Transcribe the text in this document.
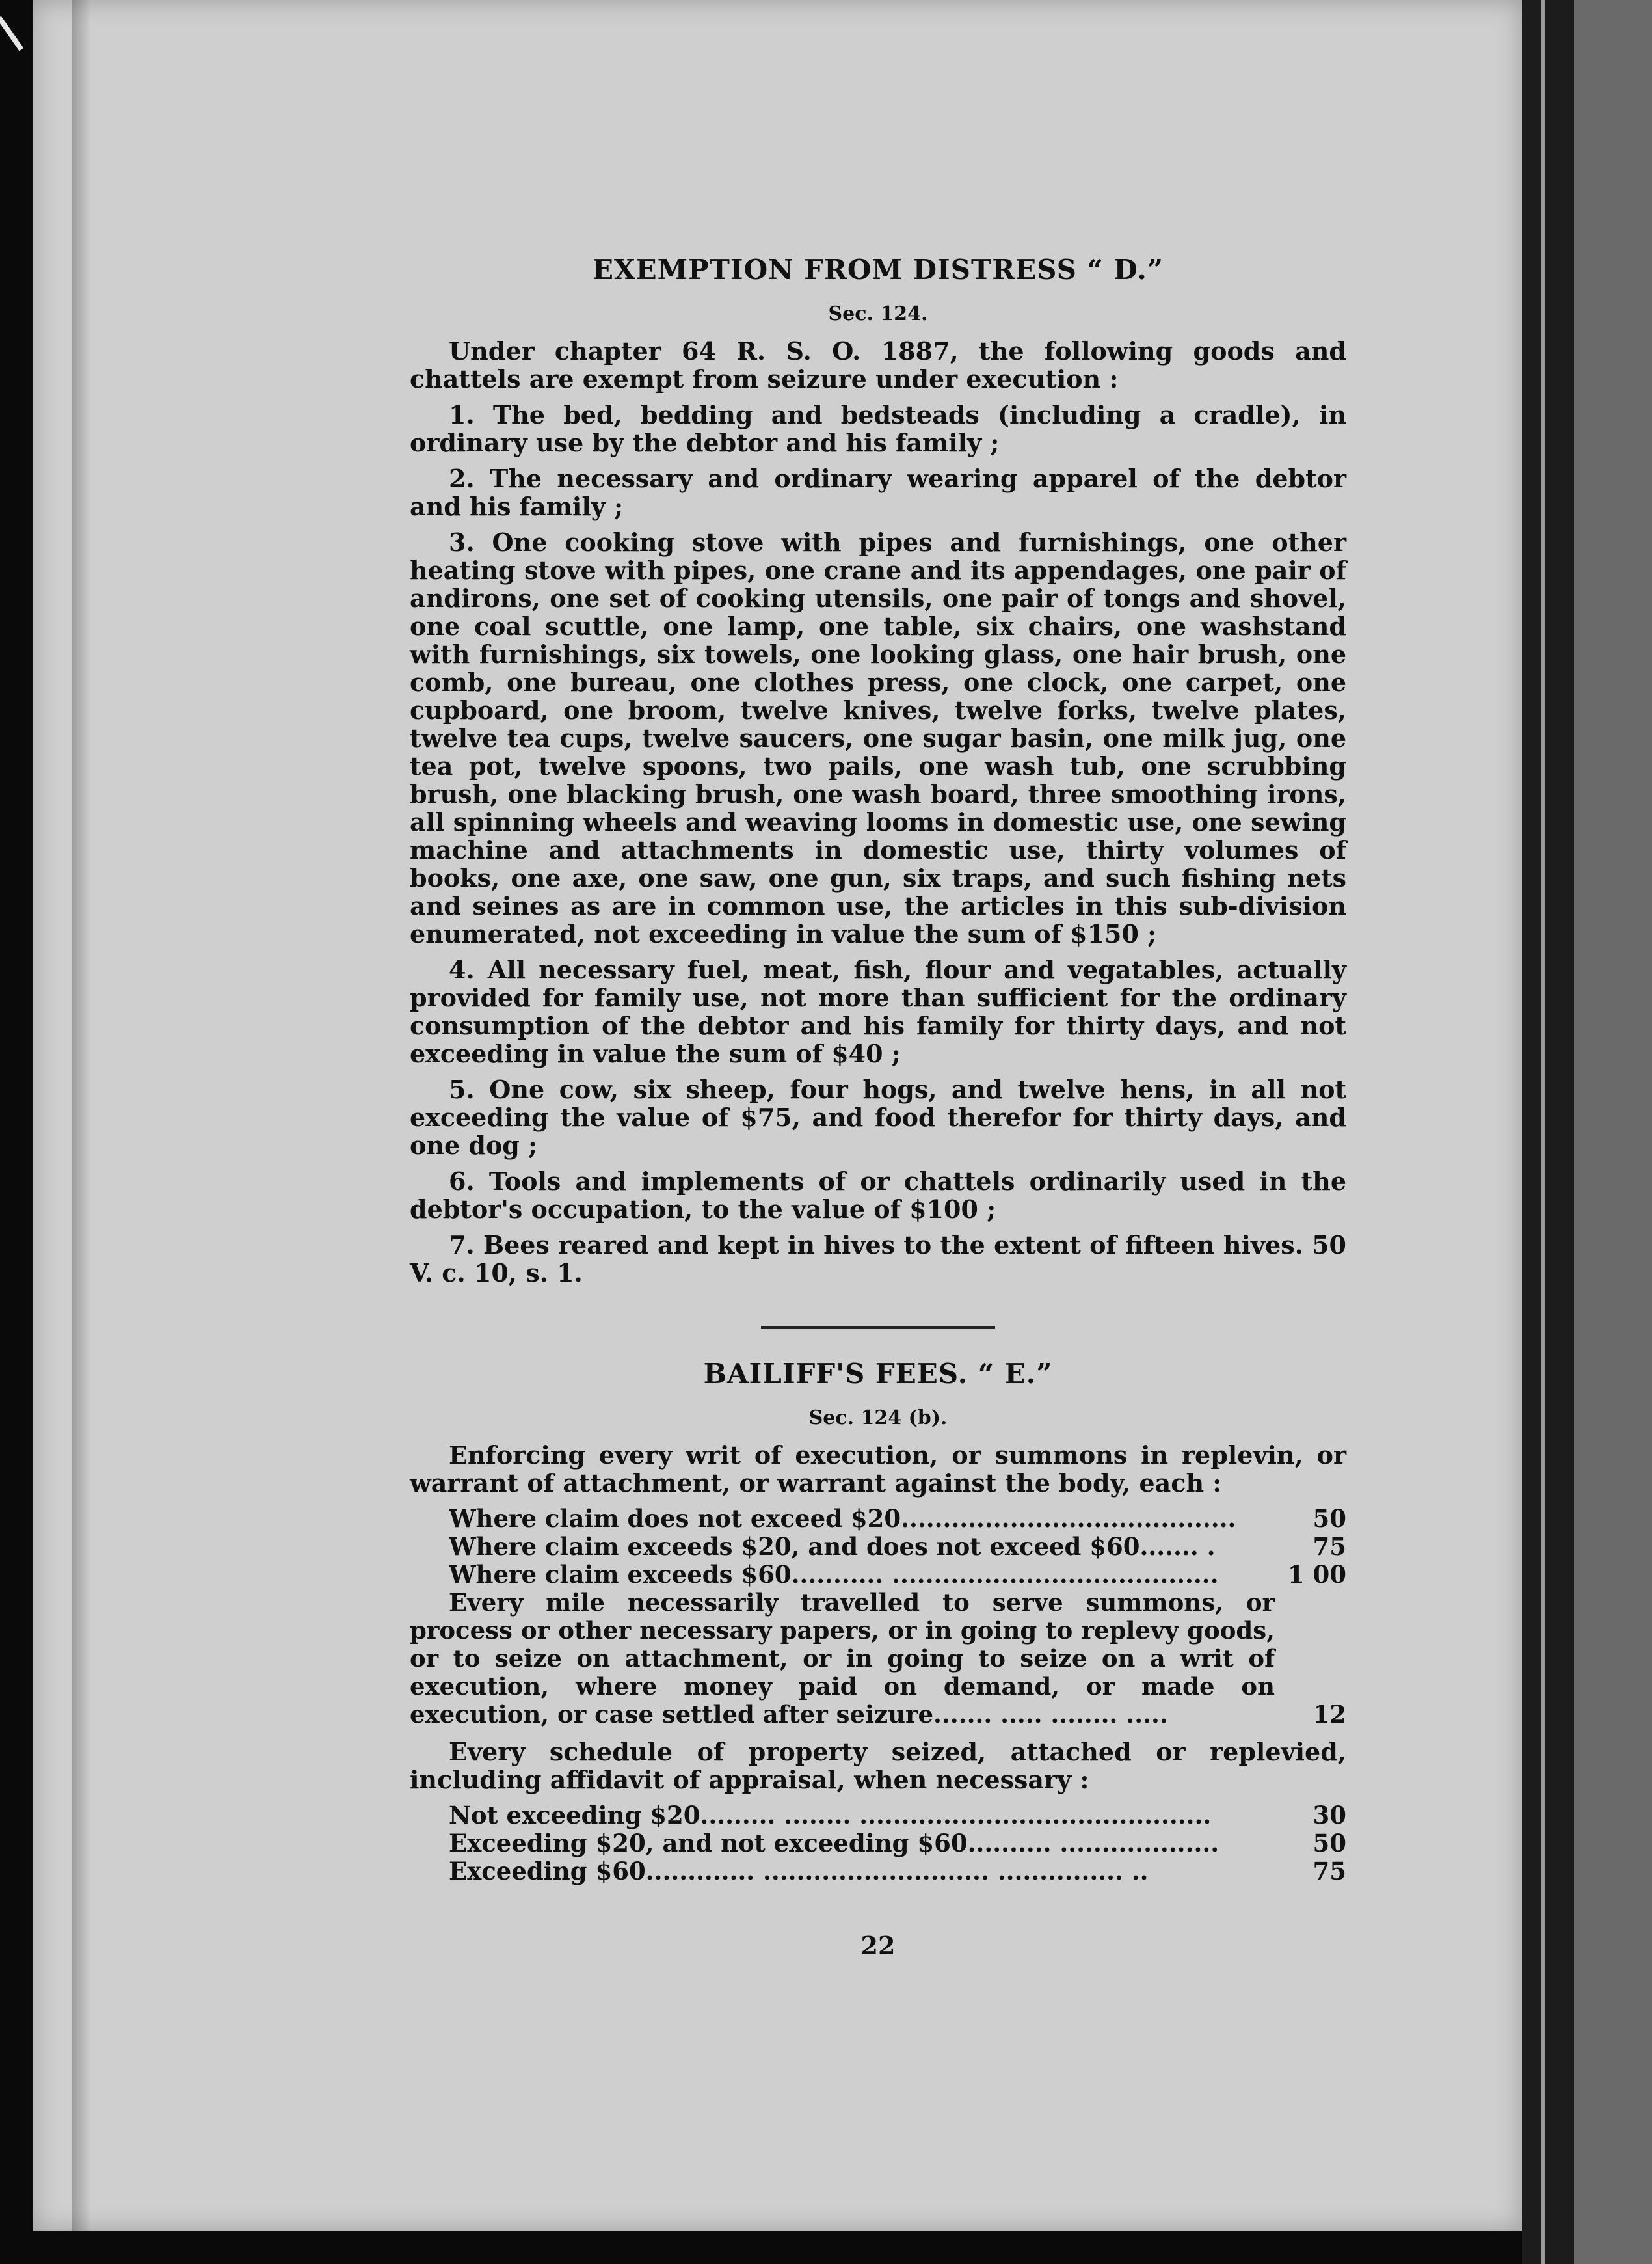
EXEMPTION FROM DISTRESS “ D.”
Sec. 124.

Under chapter 64 R. S. O. 1887, the following goods and chattels are exempt from seizure under execution :

1. The bed, bedding and bedsteads (including a cradle), in ordinary use by the debtor and his family ;

2. The necessary and ordinary wearing apparel of the debtor and his family ;

3. One cooking stove with pipes and furnishings, one other heating stove with pipes, one crane and its appendages, one pair of andirons, one set of cooking utensils, one pair of tongs and shovel, one coal scuttle, one lamp, one table, six chairs, one washstand with furnishings, six towels, one looking glass, one hair brush, one comb, one bureau, one clothes press, one clock, one carpet, one cupboard, one broom, twelve knives, twelve forks, twelve plates, twelve tea cups, twelve saucers, one sugar basin, one milk jug, one tea pot, twelve spoons, two pails, one wash tub, one scrubbing brush, one blacking brush, one wash board, three smoothing irons, all spinning wheels and weaving looms in domestic use, one sewing machine and attachments in domestic use, thirty volumes of books, one axe, one saw, one gun, six traps, and such fishing nets and seines as are in common use, the articles in this sub-division enumerated, not exceeding in value the sum of $150 ;

4. All necessary fuel, meat, fish, flour and vegatables, actually provided for family use, not more than sufficient for the ordinary consumption of the debtor and his family for thirty days, and not exceeding in value the sum of $40 ;

5. One cow, six sheep, four hogs, and twelve hens, in all not exceeding the value of $75, and food therefor for thirty days, and one dog ;

6. Tools and implements of or chattels ordinarily used in the debtor's occupation, to the value of $100 ;

7. Bees reared and kept in hives to the extent of fifteen hives. 50 V. c. 10, s. 1.

BAILIFF'S FEES. “ E.”
Sec. 124 (b).

Enforcing every writ of execution, or summons in replevin, or warrant of attachment, or warrant against the body, each :

Where claim does not exceed $20........................................	50
Where claim exceeds $20, and does not exceed $60....... .	75
Where claim exceeds $60........... .......................................	1 00
Every mile necessarily travelled to serve summons, or process or other necessary papers, or in going to replevy goods, or to seize on attachment, or in going to seize on a writ of execution, where money paid on demand, or made on execution, or case settled after seizure....... ..... ........ .....	12

Every schedule of property seized, attached or replevied, including affidavit of appraisal, when necessary :

Not exceeding $20......... ........ ..........................................	30
Exceeding $20, and not exceeding $60.......... ...................	50
Exceeding $60............. ........................... ............... ..	75
22
